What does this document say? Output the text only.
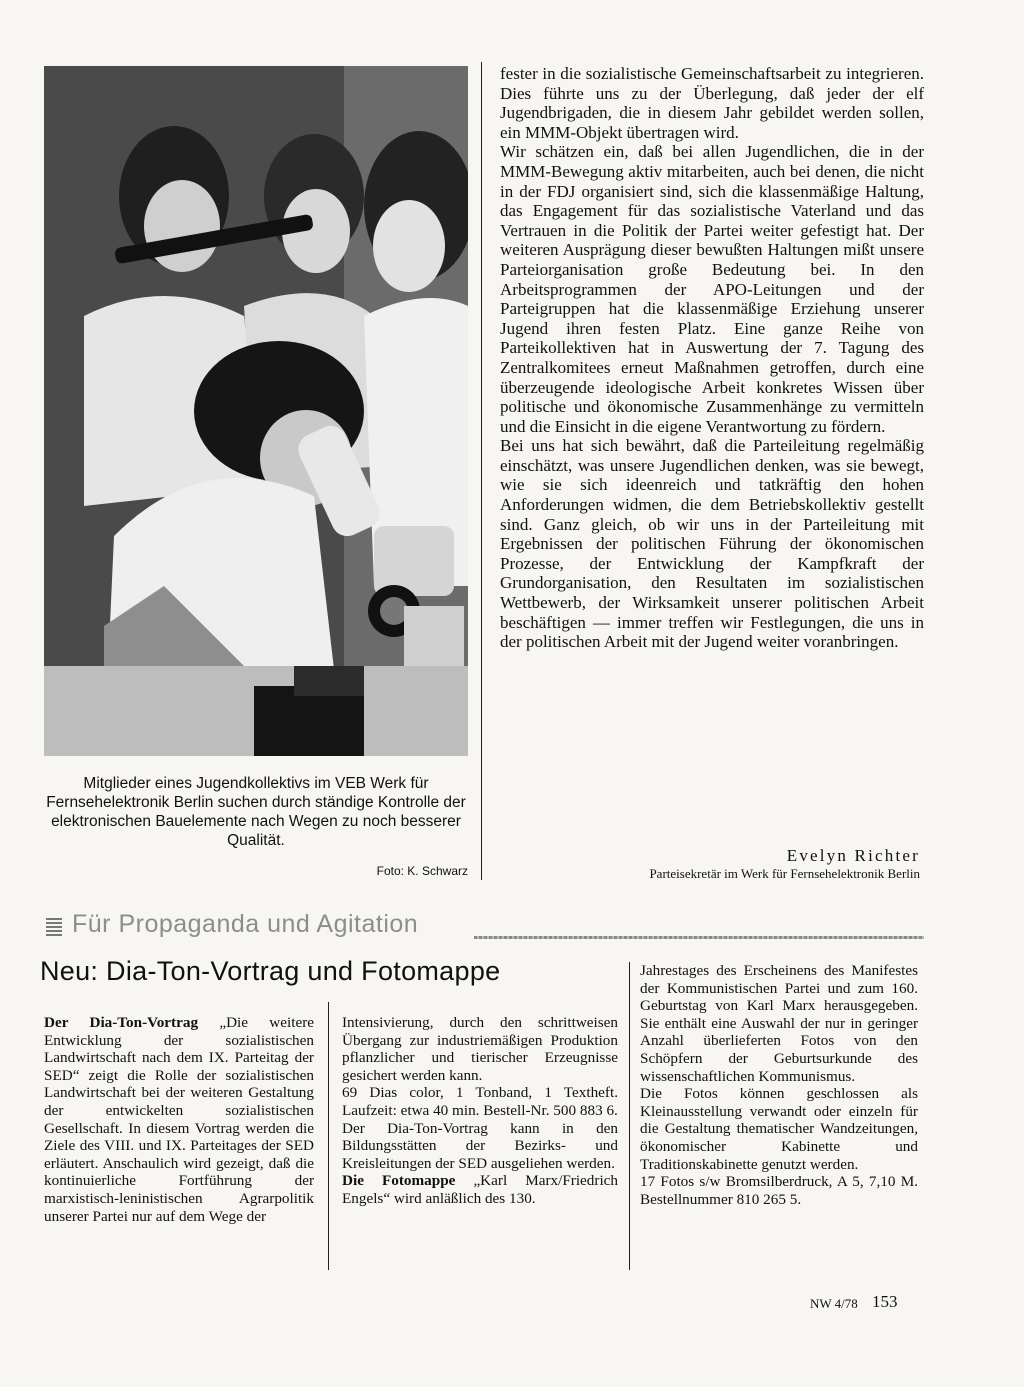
Mitglieder eines Jugendkollektivs im VEB Werk für Fernsehelektronik Berlin suchen durch ständige Kontrolle der elektronischen Bauelemente nach Wegen zu noch besserer Qualität.
Foto: K. Schwarz

fester in die sozialistische Gemeinschaftsarbeit zu integrieren. Dies führte uns zu der Überlegung, daß jeder der elf Jugendbrigaden, die in diesem Jahr gebildet werden sollen, ein MMM-Objekt übertragen wird.

Wir schätzen ein, daß bei allen Jugendlichen, die in der MMM-Bewegung aktiv mitarbeiten, auch bei denen, die nicht in der FDJ organisiert sind, sich die klassenmäßige Haltung, das Engagement für das sozialistische Vaterland und das Vertrauen in die Politik der Partei weiter gefestigt hat. Der weiteren Ausprägung dieser bewußten Haltungen mißt unsere Parteiorganisation große Bedeutung bei. In den Arbeitsprogrammen der APO-Leitungen und der Parteigruppen hat die klassenmäßige Erziehung unserer Jugend ihren festen Platz. Eine ganze Reihe von Parteikollektiven hat in Auswertung der 7. Tagung des Zentralkomitees erneut Maßnahmen getroffen, durch eine überzeugende ideologische Arbeit konkretes Wissen über politische und ökonomische Zusammenhänge zu vermitteln und die Einsicht in die eigene Verantwortung zu fördern.

Bei uns hat sich bewährt, daß die Parteileitung regelmäßig einschätzt, was unsere Jugendlichen denken, was sie bewegt, wie sie sich ideenreich und tatkräftig den hohen Anforderungen widmen, die dem Betriebskollektiv gestellt sind. Ganz gleich, ob wir uns in der Parteileitung mit Ergebnissen der politischen Führung der ökonomischen Prozesse, der Entwicklung der Kampfkraft der Grundorganisation, den Resultaten im sozialistischen Wettbewerb, der Wirksamkeit unserer politischen Arbeit beschäftigen — immer treffen wir Festlegungen, die uns in der politischen Arbeit mit der Jugend weiter voranbringen.

Evelyn Richter
Parteisekretär im Werk für Fernsehelektronik Berlin
Für Propaganda und Agitation
Neu: Dia-Ton-Vortrag und Fotomappe

Der Dia-Ton-Vortrag „Die weitere Entwicklung der sozialistischen Landwirtschaft nach dem IX. Parteitag der SED“ zeigt die Rolle der sozialistischen Landwirtschaft bei der weiteren Gestaltung der entwickelten sozialistischen Gesellschaft. In diesem Vortrag werden die Ziele des VIII. und IX. Parteitages der SED erläutert. Anschaulich wird gezeigt, daß die kontinuierliche Fortführung der marxistisch-leninistischen Agrarpolitik unserer Partei nur auf dem Wege der

Intensivierung, durch den schrittweisen Übergang zur industriemäßigen Produktion pflanzlicher und tierischer Erzeugnisse gesichert werden kann.

69 Dias color, 1 Tonband, 1 Textheft. Laufzeit: etwa 40 min. Bestell-Nr. 500 883 6.

Der Dia-Ton-Vortrag kann in den Bildungsstätten der Bezirks- und Kreisleitungen der SED ausgeliehen werden.

Die Fotomappe „Karl Marx/Friedrich Engels“ wird anläßlich des 130.

Jahrestages des Erscheinens des Manifestes der Kommunistischen Partei und zum 160. Geburtstag von Karl Marx herausgegeben. Sie enthält eine Auswahl der nur in geringer Anzahl überlieferten Fotos von den Schöpfern der Geburtsurkunde des wissenschaftlichen Kommunismus.

Die Fotos können geschlossen als Kleinausstellung verwandt oder einzeln für die Gestaltung thematischer Wandzeitungen, ökonomischer Kabinette und Traditionskabinette genutzt werden.

17 Fotos s/w Bromsilberdruck, A 5, 7,10 M. Bestellnummer 810 265 5.

NW 4/78 153
